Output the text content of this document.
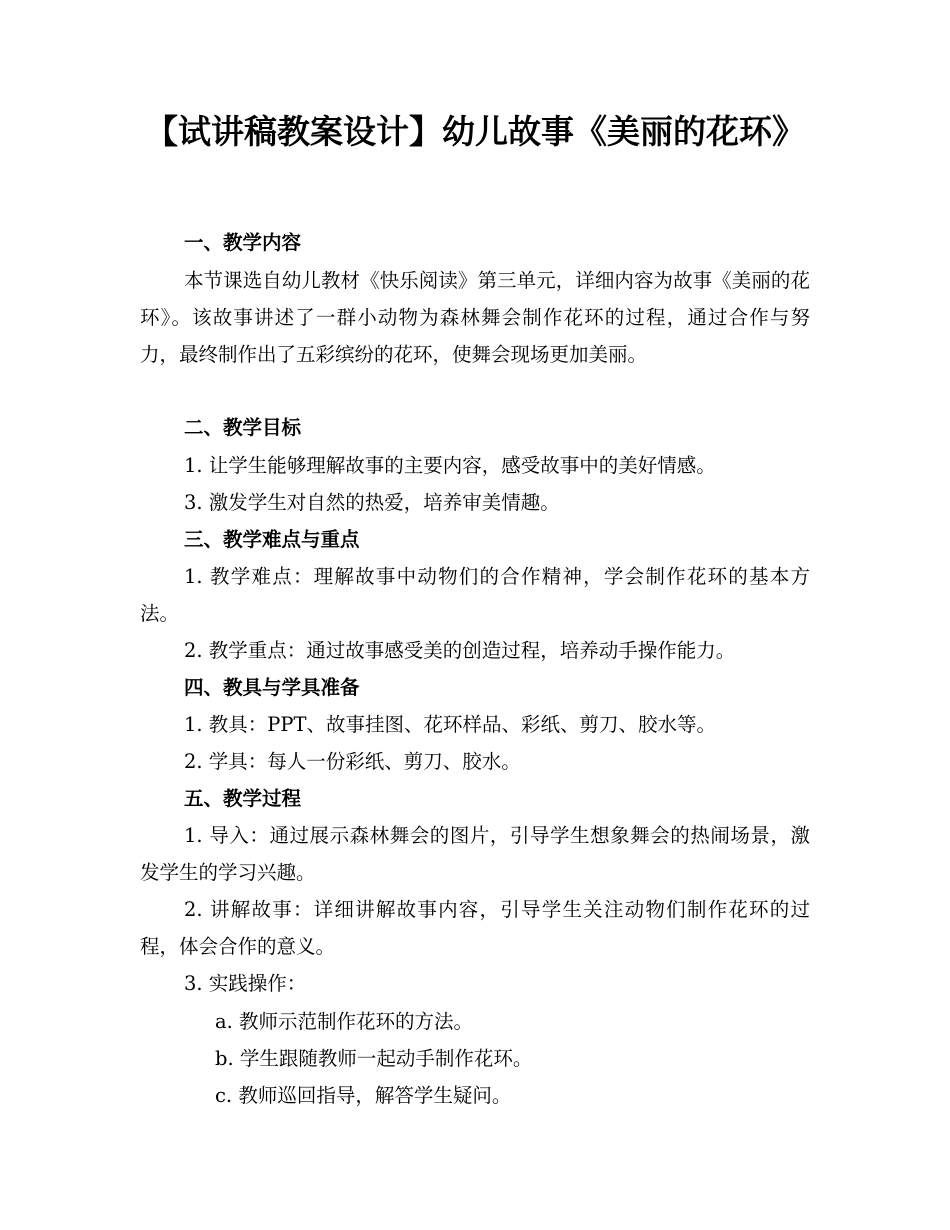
【试讲稿教案设计】幼儿故事《美丽的花环》
一、教学内容
本节课选自幼儿教材《快乐阅读》第三单元，详细内容为故事《美丽的花环》。该故事讲述了一群小动物为森林舞会制作花环的过程，通过合作与努力，最终制作出了五彩缤纷的花环，使舞会现场更加美丽。
二、教学目标
1. 让学生能够理解故事的主要内容，感受故事中的美好情感。
3. 激发学生对自然的热爱，培养审美情趣。
三、教学难点与重点
1. 教学难点：理解故事中动物们的合作精神，学会制作花环的基本方法。
2. 教学重点：通过故事感受美的创造过程，培养动手操作能力。
四、教具与学具准备
1. 教具：PPT、故事挂图、花环样品、彩纸、剪刀、胶水等。
2. 学具：每人一份彩纸、剪刀、胶水。
五、教学过程
1. 导入：通过展示森林舞会的图片，引导学生想象舞会的热闹场景，激发学生的学习兴趣。
2. 讲解故事：详细讲解故事内容，引导学生关注动物们制作花环的过程，体会合作的意义。
3. 实践操作：
a. 教师示范制作花环的方法。
b. 学生跟随教师一起动手制作花环。
c. 教师巡回指导，解答学生疑问。
